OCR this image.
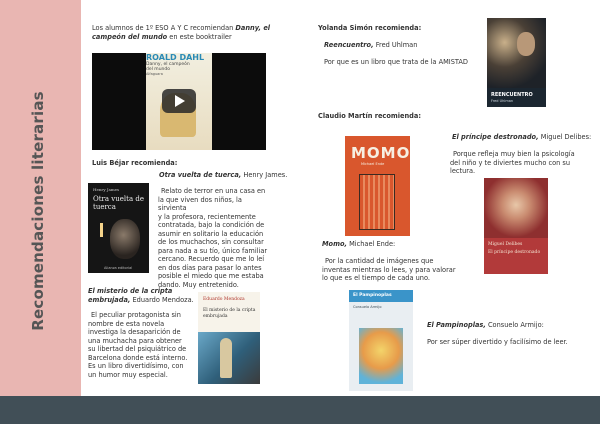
Recomendaciones literarias
Los alumnos de 1º ESO A Y C recomiendan Danny, el
campeón del mundo en este booktrailer
ROALD DAHL
Danny, el campeón del mundo
Alfaguara
Luis Béjar recomienda:
Otra vuelta de tuerca, Henry James.
Henry James
Otra vuelta de tuerca
Alianza editorial
Relato de terror en una casa en
la que viven dos niños, la sirvienta
y la profesora, recientemente
contratada, bajo la condición de
asumir en solitario la educación
de los muchachos, sin consultar
para nada a su tío, único familiar
cercano. Recuerdo que me lo leí
en dos días para pasar lo antes
posible el miedo que me estaba
dando. Muy entretenido.
El misterio de la cripta
embrujada, Eduardo Mendoza.
El peculiar protagonista sin
nombre de esta novela
investiga la desaparición de
una muchacha para obtener
su libertad del psiquiátrico de
Barcelona donde está interno.
Es un libro divertidísimo, con
un humor muy especial.
Eduardo Mendoza
El misterio de la cripta embrujada
Yolanda Simón recomienda:
Reencuentro, Fred Uhlman
Por que es un libro que trata de la AMISTAD
REENCUENTRO
Fred Uhlman
Claudio Martín recomienda:
MOMO
Michael Ende
Momo, Michael Ende:
Por la cantidad de imágenes que
inventas mientras lo lees, y para valorar
lo que es el tiempo de cada uno.
El príncipe destronado, Miguel Delibes:
Porque refleja muy bien la psicología
del niño y te diviertes mucho con su
lectura.
Miguel Delibes
El príncipe destronado
El Pampinoplas
Consuelo Armijo
El Pampinoplas, Consuelo Armijo:
Por ser súper divertido y facilísimo de leer.
